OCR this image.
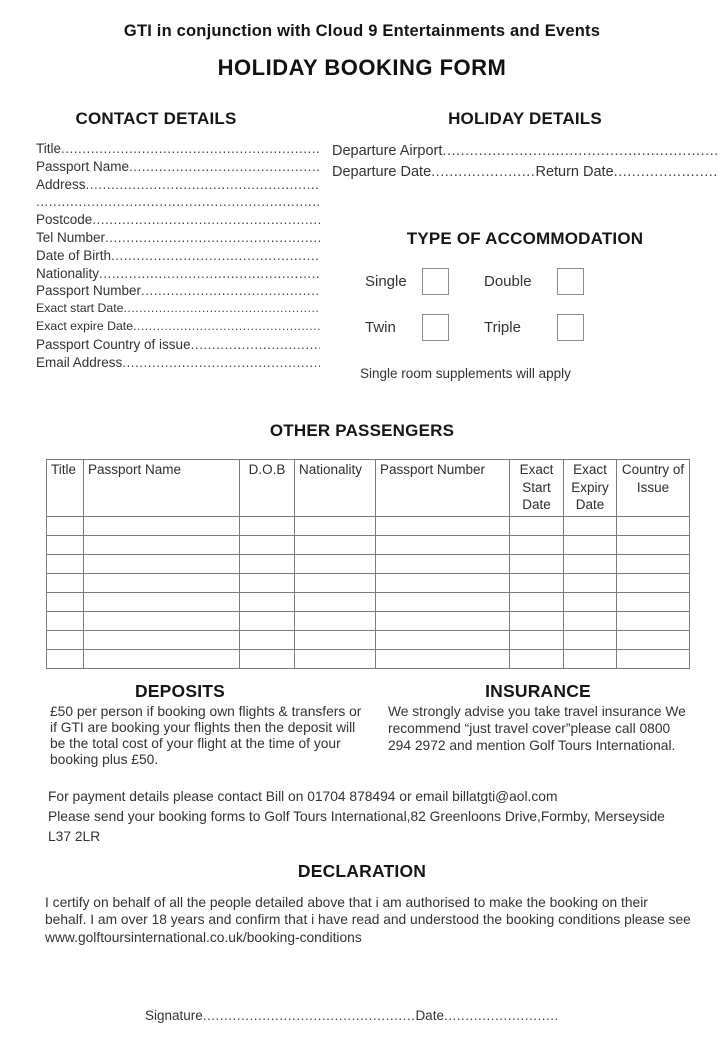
GTI in conjunction with Cloud 9 Entertainments and Events
HOLIDAY BOOKING FORM
CONTACT DETAILS
Title
.....
Passport Name
.....
Address
.....
.....
Postcode
.....
Tel Number
.....
Date of Birth
.....
Nationality
.....
Passport Number
.....
Exact start Date
.....
Exact expire Date
.....
Passport Country of issue
.....
Email Address
.....
HOLIDAY DETAILS
Departure Airport
.....
Departure Date .....	Return Date
.....
TYPE OF ACCOMMODATION
Single	Double
Twin	Triple
Single room supplements will apply
OTHER PASSENGERS
Title	Passport Name	D.O.B	Nationality	Passport Number	Exact Start Date	Exact Expiry Date	Country of Issue

DEPOSITS
£50 per person if booking own flights & transfers or if GTI are booking your flights then the deposit will be the total cost of your flight at the time of your booking plus £50.
INSURANCE
We strongly advise you take travel insurance We recommend “just travel cover”please call 0800 294 2972 and mention Golf Tours International.
For payment details please contact Bill on 01704 878494 or email billatgti@aol.com
Please send your booking forms to Golf Tours International,82 Greenloons Drive,Formby, Merseyside L37 2LR
DECLARATION
I certify on behalf of all the people detailed above that i am authorised to make the booking on their behalf. I am over 18 years and confirm that i have read and understood the booking conditions please see www.golftoursinternational.co.uk/booking-conditions
Signature .....	Date
.....
